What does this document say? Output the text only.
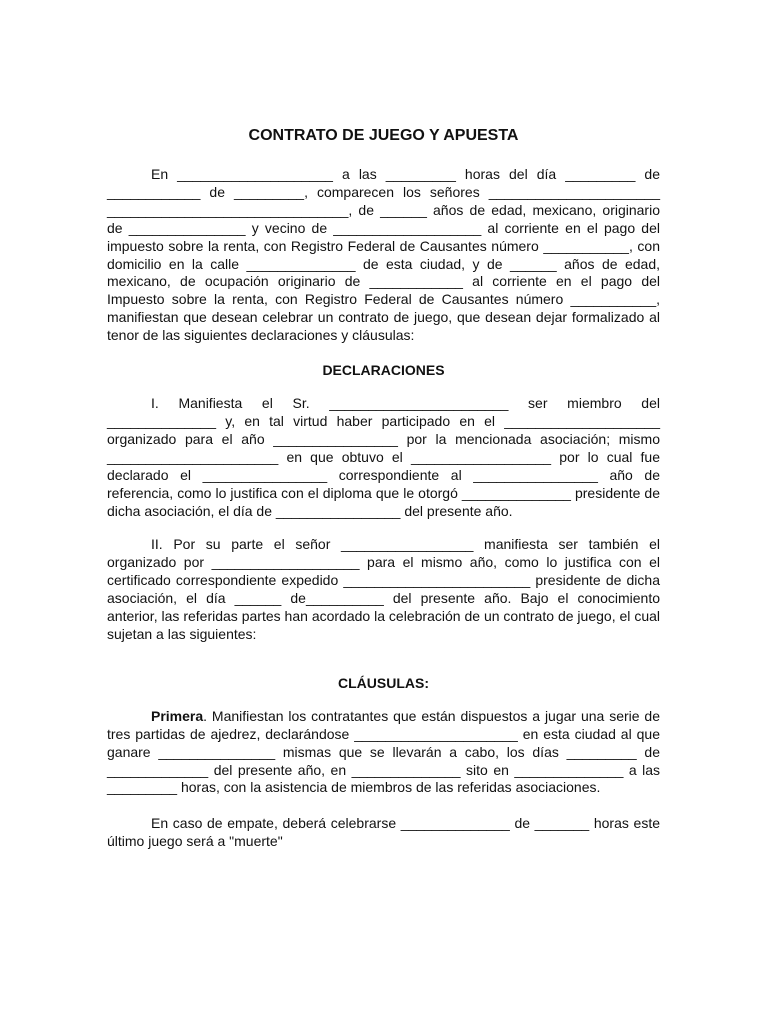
CONTRATO DE JUEGO Y APUESTA

En ____________________ a las _________ horas del día _________ de ____________ de _________, comparecen los señores ______________________ _______________________________, de ______ años de edad, mexicano, originario de _______________ y vecino de ___________________ al corriente en el pago del impuesto sobre la renta, con Registro Federal de Causantes número ___________, con domicilio en la calle ______________ de esta ciudad, y de ______ años de edad, mexicano, de ocupación originario de ____________ al corriente en el pago del Impuesto sobre la renta, con Registro Federal de Causantes número ___________, manifiestan que desean celebrar un contrato de juego, que desean dejar formalizado al tenor de las siguientes declaraciones y cláusulas:

DECLARACIONES

I. Manifiesta el Sr. _______________________ ser miembro del ______________ y, en tal virtud haber participado en el ____________________ organizado para el año ________________ por la mencionada asociación; mismo ______________________ en que obtuvo el __________________ por lo cual fue declarado el ________________ correspondiente al ________________ año de referencia, como lo justifica con el diploma que le otorgó ______________ presidente de dicha asociación, el día de ________________ del presente año.

II. Por su parte el señor _________________ manifiesta ser también el organizado por ___________________ para el mismo año, como lo justifica con el certificado correspondiente expedido ________________________ presidente de dicha asociación, el día ______ de__________ del presente año. Bajo el conocimiento anterior, las referidas partes han acordado la celebración de un contrato de juego, el cual sujetan a las siguientes:

CLÁUSULAS:

Primera. Manifiestan los contratantes que están dispuestos a jugar una serie de tres partidas de ajedrez, declarándose _____________________ en esta ciudad al que ganare _______________ mismas que se llevarán a cabo, los días _________ de _____________ del presente año, en ______________ sito en ______________ a las _________ horas, con la asistencia de miembros de las referidas asociaciones.

En caso de empate, deberá celebrarse ______________ de _______ horas este último juego será a "muerte"
